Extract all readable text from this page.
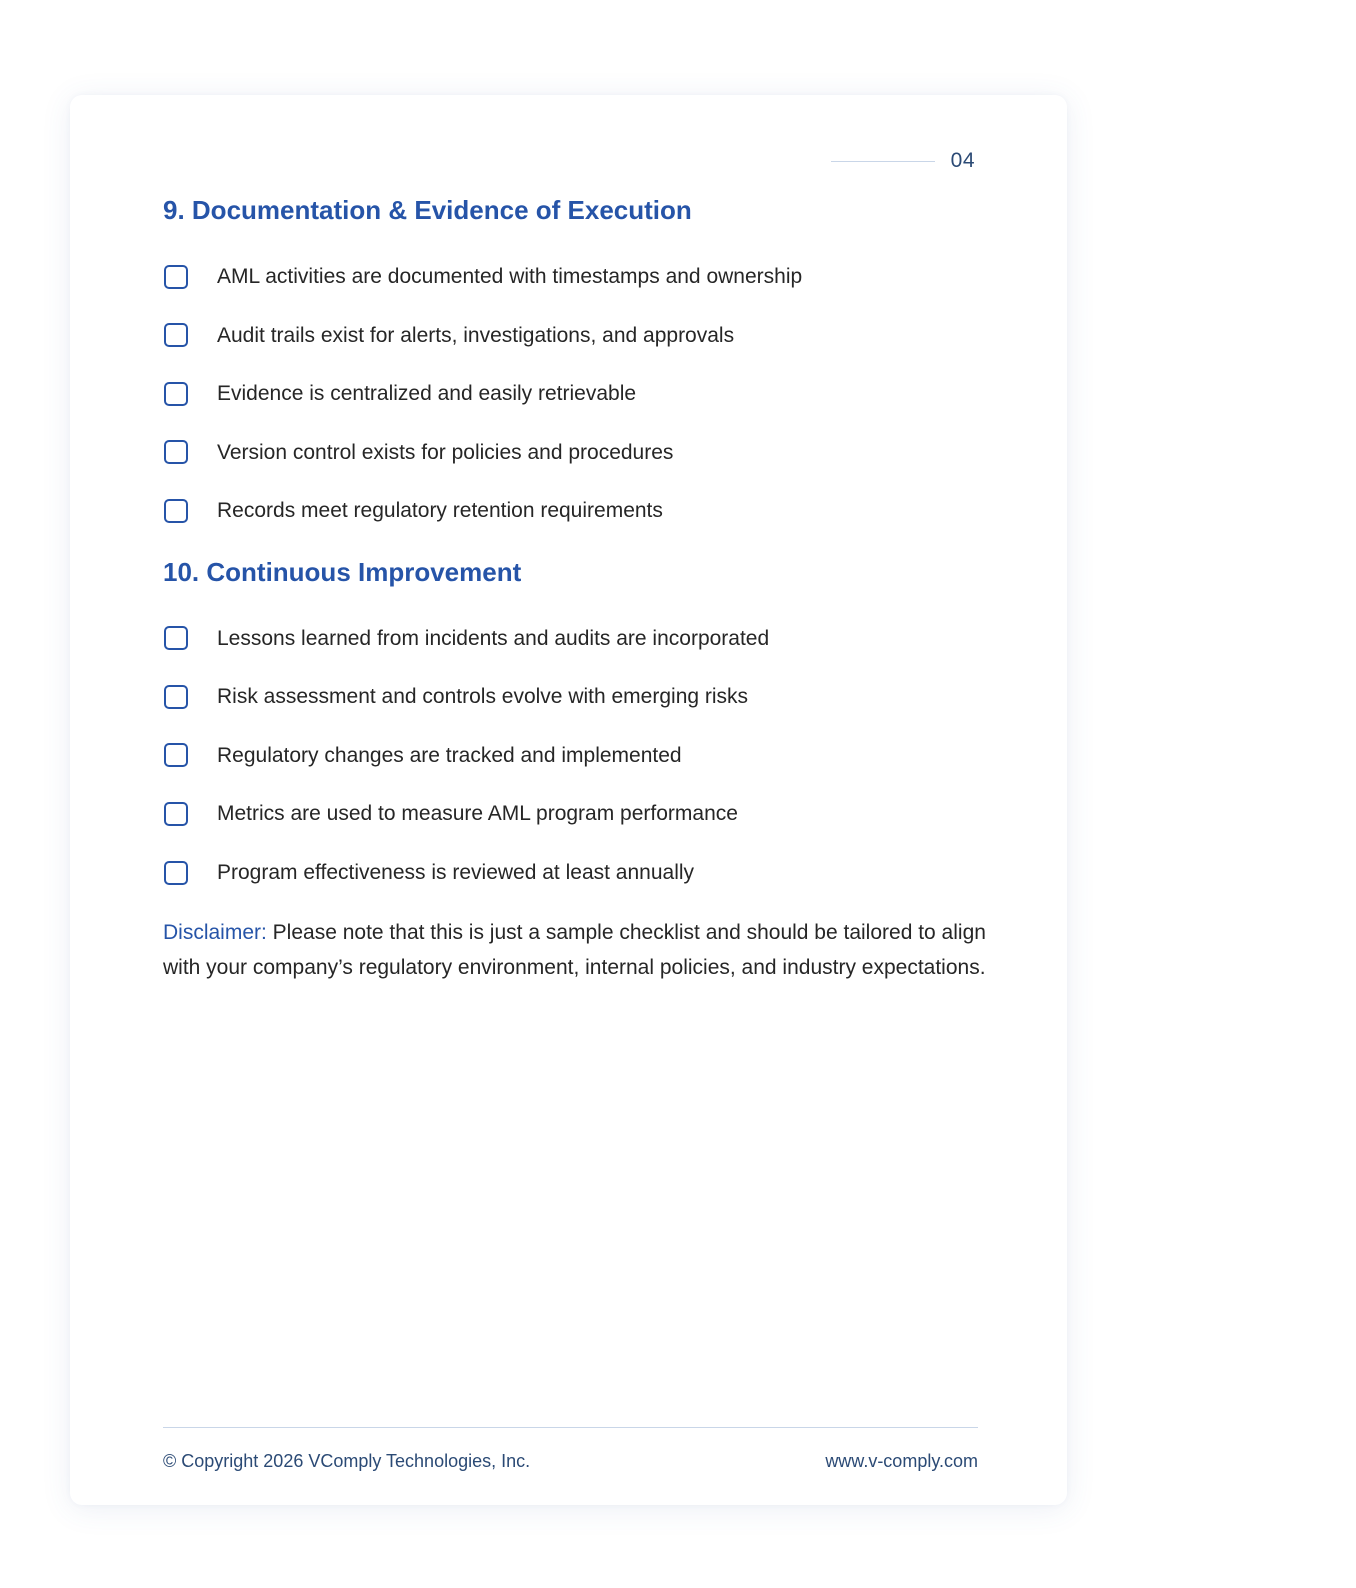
04
9. Documentation & Evidence of Execution
AML activities are documented with timestamps and ownership
Audit trails exist for alerts, investigations, and approvals
Evidence is centralized and easily retrievable
Version control exists for policies and procedures
Records meet regulatory retention requirements
10. Continuous Improvement
Lessons learned from incidents and audits are incorporated
Risk assessment and controls evolve with emerging risks
Regulatory changes are tracked and implemented
Metrics are used to measure AML program performance
Program effectiveness is reviewed at least annually

Disclaimer: Please note that this is just a sample checklist and should be tailored to align with your company’s regulatory environment, internal policies, and industry expectations.

© Copyright 2026 VComply Technologies, Inc.	www.v-comply.com
